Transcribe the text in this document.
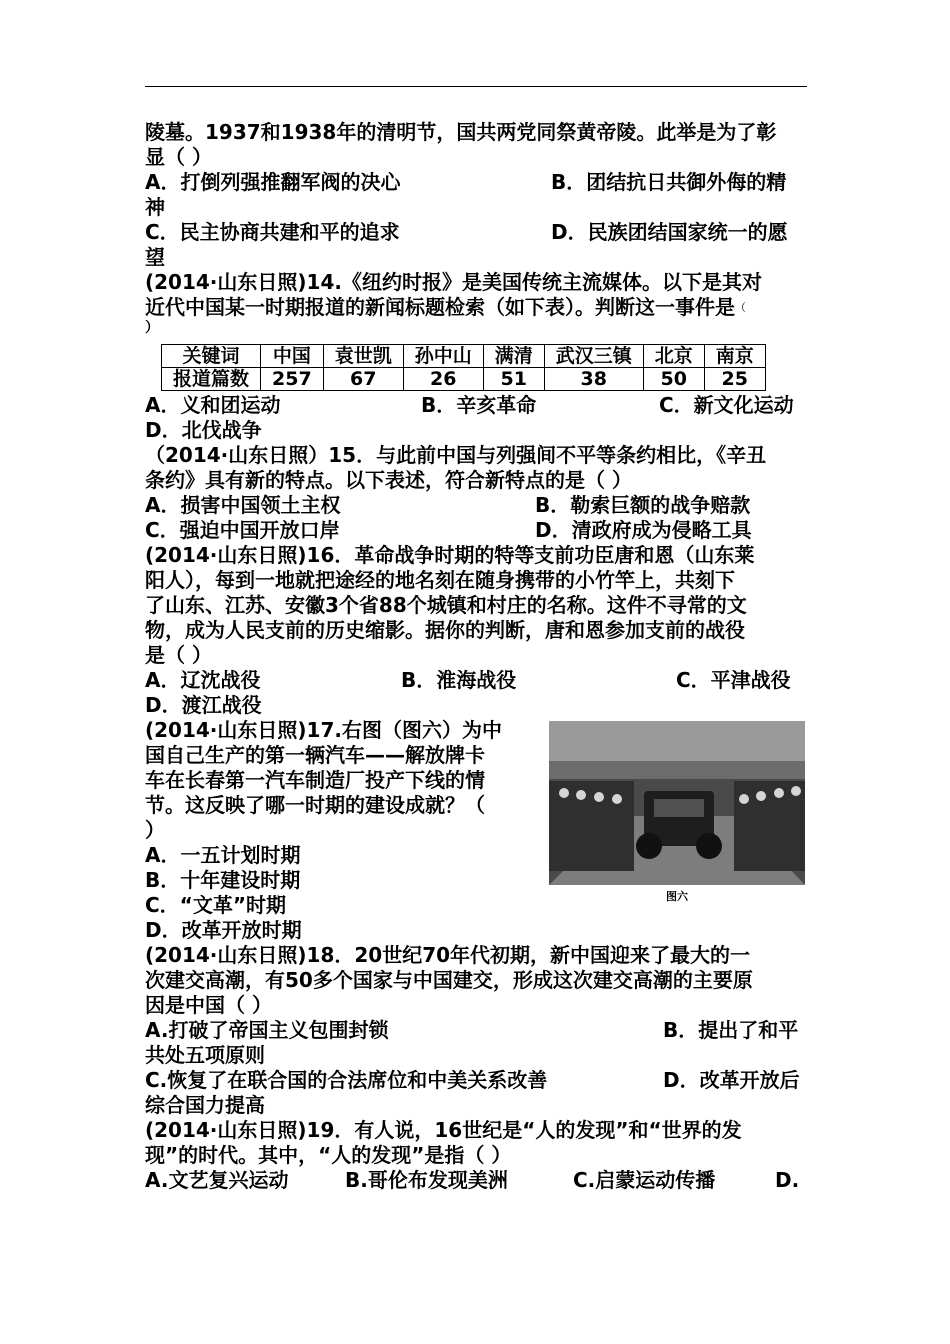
陵墓。1937和1938年的清明节，国共两党同祭黄帝陵。此举是为了彰
显（ ）
A．打倒列强推翻军阀的决心	B．团结抗日共御外侮的精
神
C．民主协商共建和平的追求	D．民族团结国家统一的愿
望
(2014·山东日照)14.《纽约时报》是美国传统主流媒体。以下是其对
近代中国某一时期报道的新闻标题检索（如下表）。判断这一事件是（
）
关键词	中国	袁世凯	孙中山	满清	武汉三镇	北京	南京
报道篇数	257	67	26	51	38	50	25
A．义和团运动	B．辛亥革命	C．新文化运动
D．北伐战争
（2014·山东日照）15．与此前中国与列强间不平等条约相比，《辛丑
条约》具有新的特点。以下表述，符合新特点的是（ ）
A．损害中国领土主权	B．勒索巨额的战争赔款
C．强迫中国开放口岸	D．清政府成为侵略工具
(2014·山东日照)16．革命战争时期的特等支前功臣唐和恩（山东莱
阳人），每到一地就把途经的地名刻在随身携带的小竹竿上，共刻下
了山东、江苏、安徽3个省88个城镇和村庄的名称。这件不寻常的文
物，成为人民支前的历史缩影。据你的判断，唐和恩参加支前的战役
是（ ）
A．辽沈战役	B．淮海战役	C．平津战役
D．渡江战役
(2014·山东日照)17.右图（图六）为中
国自己生产的第一辆汽车——解放牌卡
车在长春第一汽车制造厂投产下线的情
节。这反映了哪一时期的建设成就？（
）
A．一五计划时期
B．十年建设时期
C．“文革”时期
D．改革开放时期
图六
(2014·山东日照)18．20世纪70年代初期，新中国迎来了最大的一
次建交高潮，有50多个国家与中国建交，形成这次建交高潮的主要原
因是中国（ ）
A.打破了帝国主义包围封锁	B．提出了和平
共处五项原则
C.恢复了在联合国的合法席位和中美关系改善	D．改革开放后
综合国力提高
(2014·山东日照)19．有人说，16世纪是“人的发现”和“世界的发
现”的时代。其中，“人的发现”是指（ ）
A.文艺复兴运动	B.哥伦布发现美洲	C.启蒙运动传播	D.
